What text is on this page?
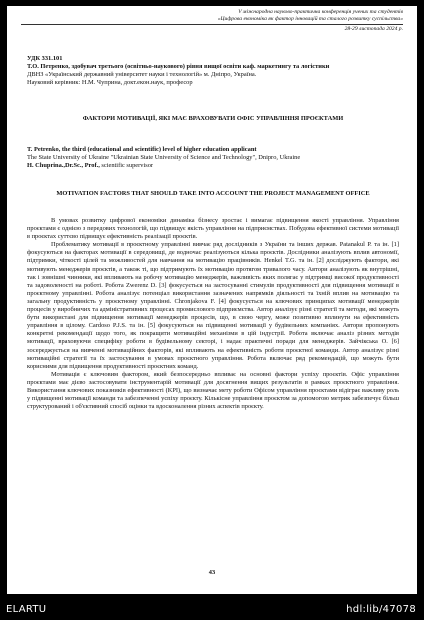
V міжнародна науково-практична конференція учених та студентів
«Цифрова економіка як фактор інновацій та сталого розвитку суспільства»
28-29 листопада 2024 р.
УДК 331.101
Т.О. Петренко, здобувач третього (освітньо-наукового) рівня вищої освіти каф. маркетингу та логістики
ДВНЗ «Український державний університет науки і технологій» м. Дніпро, Україна.
Науковий керівник: Н.М. Чуприна, докт.екон.наук, професор
ФАКТОРИ МОТИВАЦІЇ, ЯКІ МАЄ ВРАХОВУВАТИ ОФІС УПРАВЛІННЯ ПРОЄКТАМИ
T. Petrenko, the third (educational and scientific) level of higher education applicant
The State University of Ukraine "Ukrainian State University of Science and Technology", Dnipro, Ukraine
H. Chuprina.,Dr.Sc., Prof., scientific supervisor
MOTIVATION FACTORS THAT SHOULD TAKE INTO ACCOUNT THE PROJECT MANAGEMENT OFFICE

В умовах розвитку цифрової економіки динаміка бізнесу зростає і вимагає підвищення якості управління. Управління проєктами є однією з передових технологій, що підвищує якість управління на підприємствах. Побудова ефективної системи мотивації в проєктах суттєво підвищує ефективність реалізації проєктів.

Проблематику мотивації в проєктному управлінні вивчає ряд дослідників з України та інших держав. Patanakul P. та ін. [1] фокусуються на факторах мотивації в середовищі, де водночас реалізуються кілька проєктів. Дослідники аналізують вплив автономії, підтримки, чіткості цілей та можливостей для навчання на мотивацію працівників. Henkel T.G. та ін. [2] досліджують фактори, які мотивують менеджерів проєктів, а також ті, що підтримують їх мотивацію протягом тривалого часу. Автори аналізують як внутрішні, так і зовнішні чинники, які впливають на робочу мотивацію менеджерів, важливість яких полягає у підтримці високої продуктивності та задоволеності на роботі. Робота Zwerenz D. [3] фокусується на застосуванні стимулів продуктивності для підвищення мотивації в проєктному управлінні. Робота аналізує потенціал використання зазначених напрямків діяльності та їхній вплив на мотивацію та загальну продуктивність у проєктному управлінні. Chronjakova F. [4] фокусується на ключових принципах мотивації менеджерів процесів у виробничих та адміністративних процесах промислового підприємства. Автор аналізує різні стратегії та методи, які можуть бути використані для підвищення мотивації менеджерів процесів, що, в свою чергу, може позитивно вплинути на ефективність управління в цілому. Cardoso P.J.S. та ін. [5] фокусуються на підвищенні мотивації у будівельних компаніях. Автори пропонують конкретні рекомендації щодо того, як покращити мотиваційні механізми в цій індустрії. Робота включає аналіз різних методів мотивації, враховуючи специфіку роботи в будівельному секторі, і надає практичні поради для менеджерів. Зайчікська О. [6] зосереджується на вивченні мотиваційних факторів, які впливають на ефективність роботи проєктної команди. Автор аналізує різні мотиваційні стратегії та їх застосування в умовах проєктного управління. Робота включає ряд рекомендацій, що можуть бути корисними для підвищення продуктивності проєктних команд.

Мотивація є ключовим фактором, який безпосередньо впливає на основні фактори успіху проєктів. Офіс управління проєктами має дієво застосовувати інструментарій мотивації для досягнення вищих результатів в рамках проєктного управління. Використання ключових показників ефективності (KPI), що визначає мету роботи Офісом управління проєктами відіграє важливу роль у підвищенні мотивації команди та забезпеченні успіху проєкту. Кількісне управління проєктом за допомогою метрик забезпечує більш структурований і об'єктивний спосіб оцінки та вдосконалення різних аспектів проєкту.

43
ELARTU	hdl:lib/47078
